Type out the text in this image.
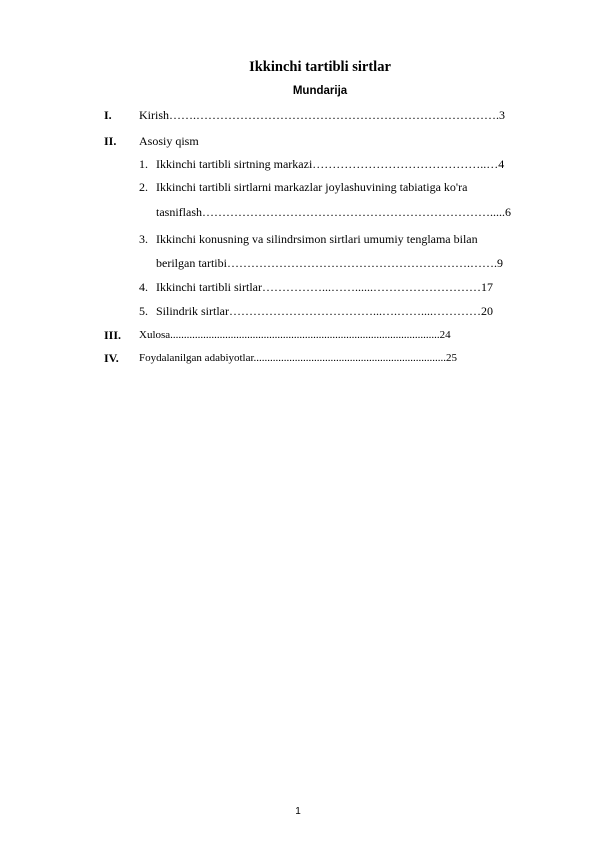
Ikkinchi tartibli sirtlar
Mundarija
I. Kirish…….………………………………………………………………….3
II. Asosiy qism
1. Ikkinchi tartibli sirtning markazi……………………………………..…4
2. Ikkinchi tartibli sirtlarni markazlar joylashuvining tabiatiga ko'ra
tasniflash……………………………………………………………….....6
3. Ikkinchi konusning va silindrsimon sirtlari umumiy tenglama bilan
berilgan tartibi…………………………………………………….…….9
4. Ikkinchi tartibli sirtlar……………...……......………………………17
5. Silindrik sirtlar………………………………...….……....…………20
III. Xulosa..................................................................................................24
IV. Foydalanilgan adabiyotlar......................................................................25
1
